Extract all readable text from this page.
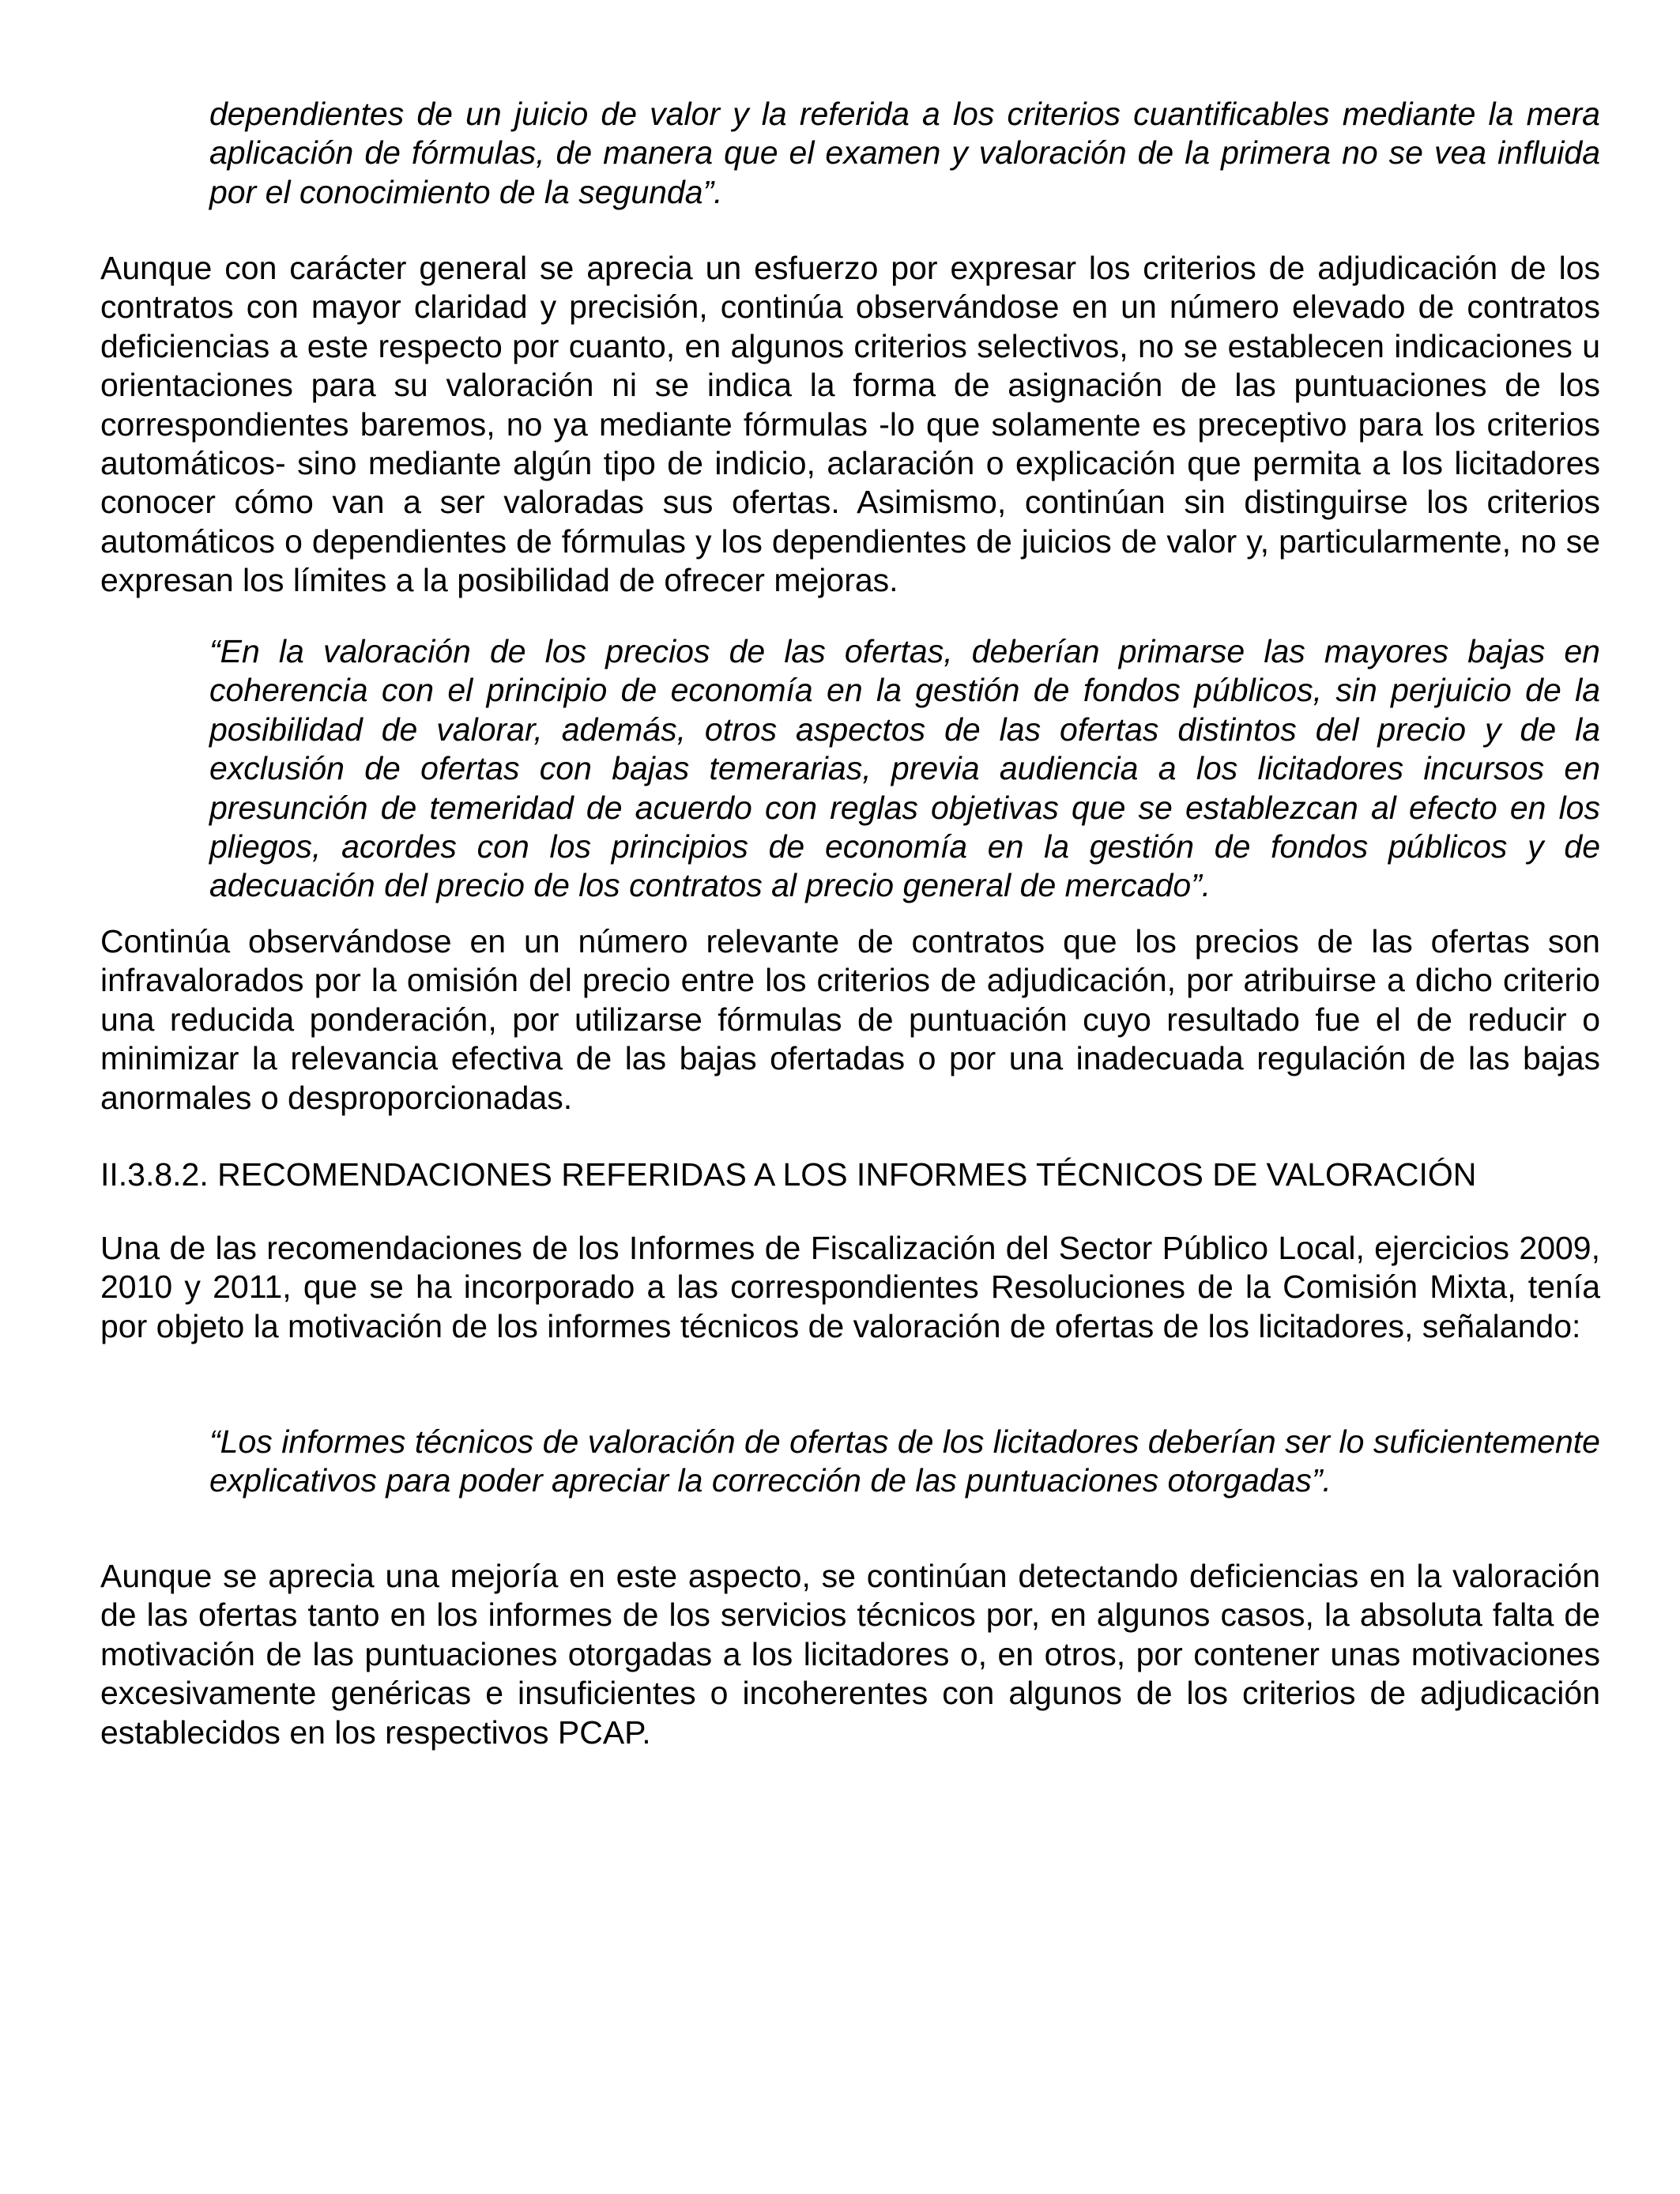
dependientes de un juicio de valor y la referida a los criterios cuantificables mediante la mera aplicación de fórmulas, de manera que el examen y valoración de la primera no se vea influida por el conocimiento de la segunda”.

Aunque con carácter general se aprecia un esfuerzo por expresar los criterios de adjudicación de los contratos con mayor claridad y precisión, continúa observándose en un número elevado de contratos deficiencias a este respecto por cuanto, en algunos criterios selectivos, no se establecen indicaciones u orientaciones para su valoración ni se indica la forma de asignación de las puntuaciones de los correspondientes baremos, no ya mediante fórmulas -lo que solamente es preceptivo para los criterios automáticos- sino mediante algún tipo de indicio, aclaración o explicación que permita a los licitadores conocer cómo van a ser valoradas sus ofertas. Asimismo, continúan sin distinguirse los criterios automáticos o dependientes de fórmulas y los dependientes de juicios de valor y, particularmente, no se expresan los límites a la posibilidad de ofrecer mejoras.

“En la valoración de los precios de las ofertas, deberían primarse las mayores bajas en coherencia con el principio de economía en la gestión de fondos públicos, sin perjuicio de la posibilidad de valorar, además, otros aspectos de las ofertas distintos del precio y de la exclusión de ofertas con bajas temerarias, previa audiencia a los licitadores incursos en presunción de temeridad de acuerdo con reglas objetivas que se establezcan al efecto en los pliegos, acordes con los principios de economía en la gestión de fondos públicos y de adecuación del precio de los contratos al precio general de mercado”.

Continúa observándose en un número relevante de contratos que los precios de las ofertas son infravalorados por la omisión del precio entre los criterios de adjudicación, por atribuirse a dicho criterio una reducida ponderación, por utilizarse fórmulas de puntuación cuyo resultado fue el de reducir o minimizar la relevancia efectiva de las bajas ofertadas o por una inadecuada regulación de las bajas anormales o desproporcionadas.

II.3.8.2. RECOMENDACIONES REFERIDAS A LOS INFORMES TÉCNICOS DE VALORACIÓN

Una de las recomendaciones de los Informes de Fiscalización del Sector Público Local, ejercicios 2009, 2010 y 2011, que se ha incorporado a las correspondientes Resoluciones de la Comisión Mixta, tenía por objeto la motivación de los informes técnicos de valoración de ofertas de los licitadores, señalando:

“Los informes técnicos de valoración de ofertas de los licitadores deberían ser lo suficientemente explicativos para poder apreciar la corrección de las puntuaciones otorgadas”.

Aunque se aprecia una mejoría en este aspecto, se continúan detectando deficiencias en la valoración de las ofertas tanto en los informes de los servicios técnicos por, en algunos casos, la absoluta falta de motivación de las puntuaciones otorgadas a los licitadores o, en otros, por contener unas motivaciones excesivamente genéricas e insuficientes o incoherentes con algunos de los criterios de adjudicación establecidos en los respectivos PCAP.
